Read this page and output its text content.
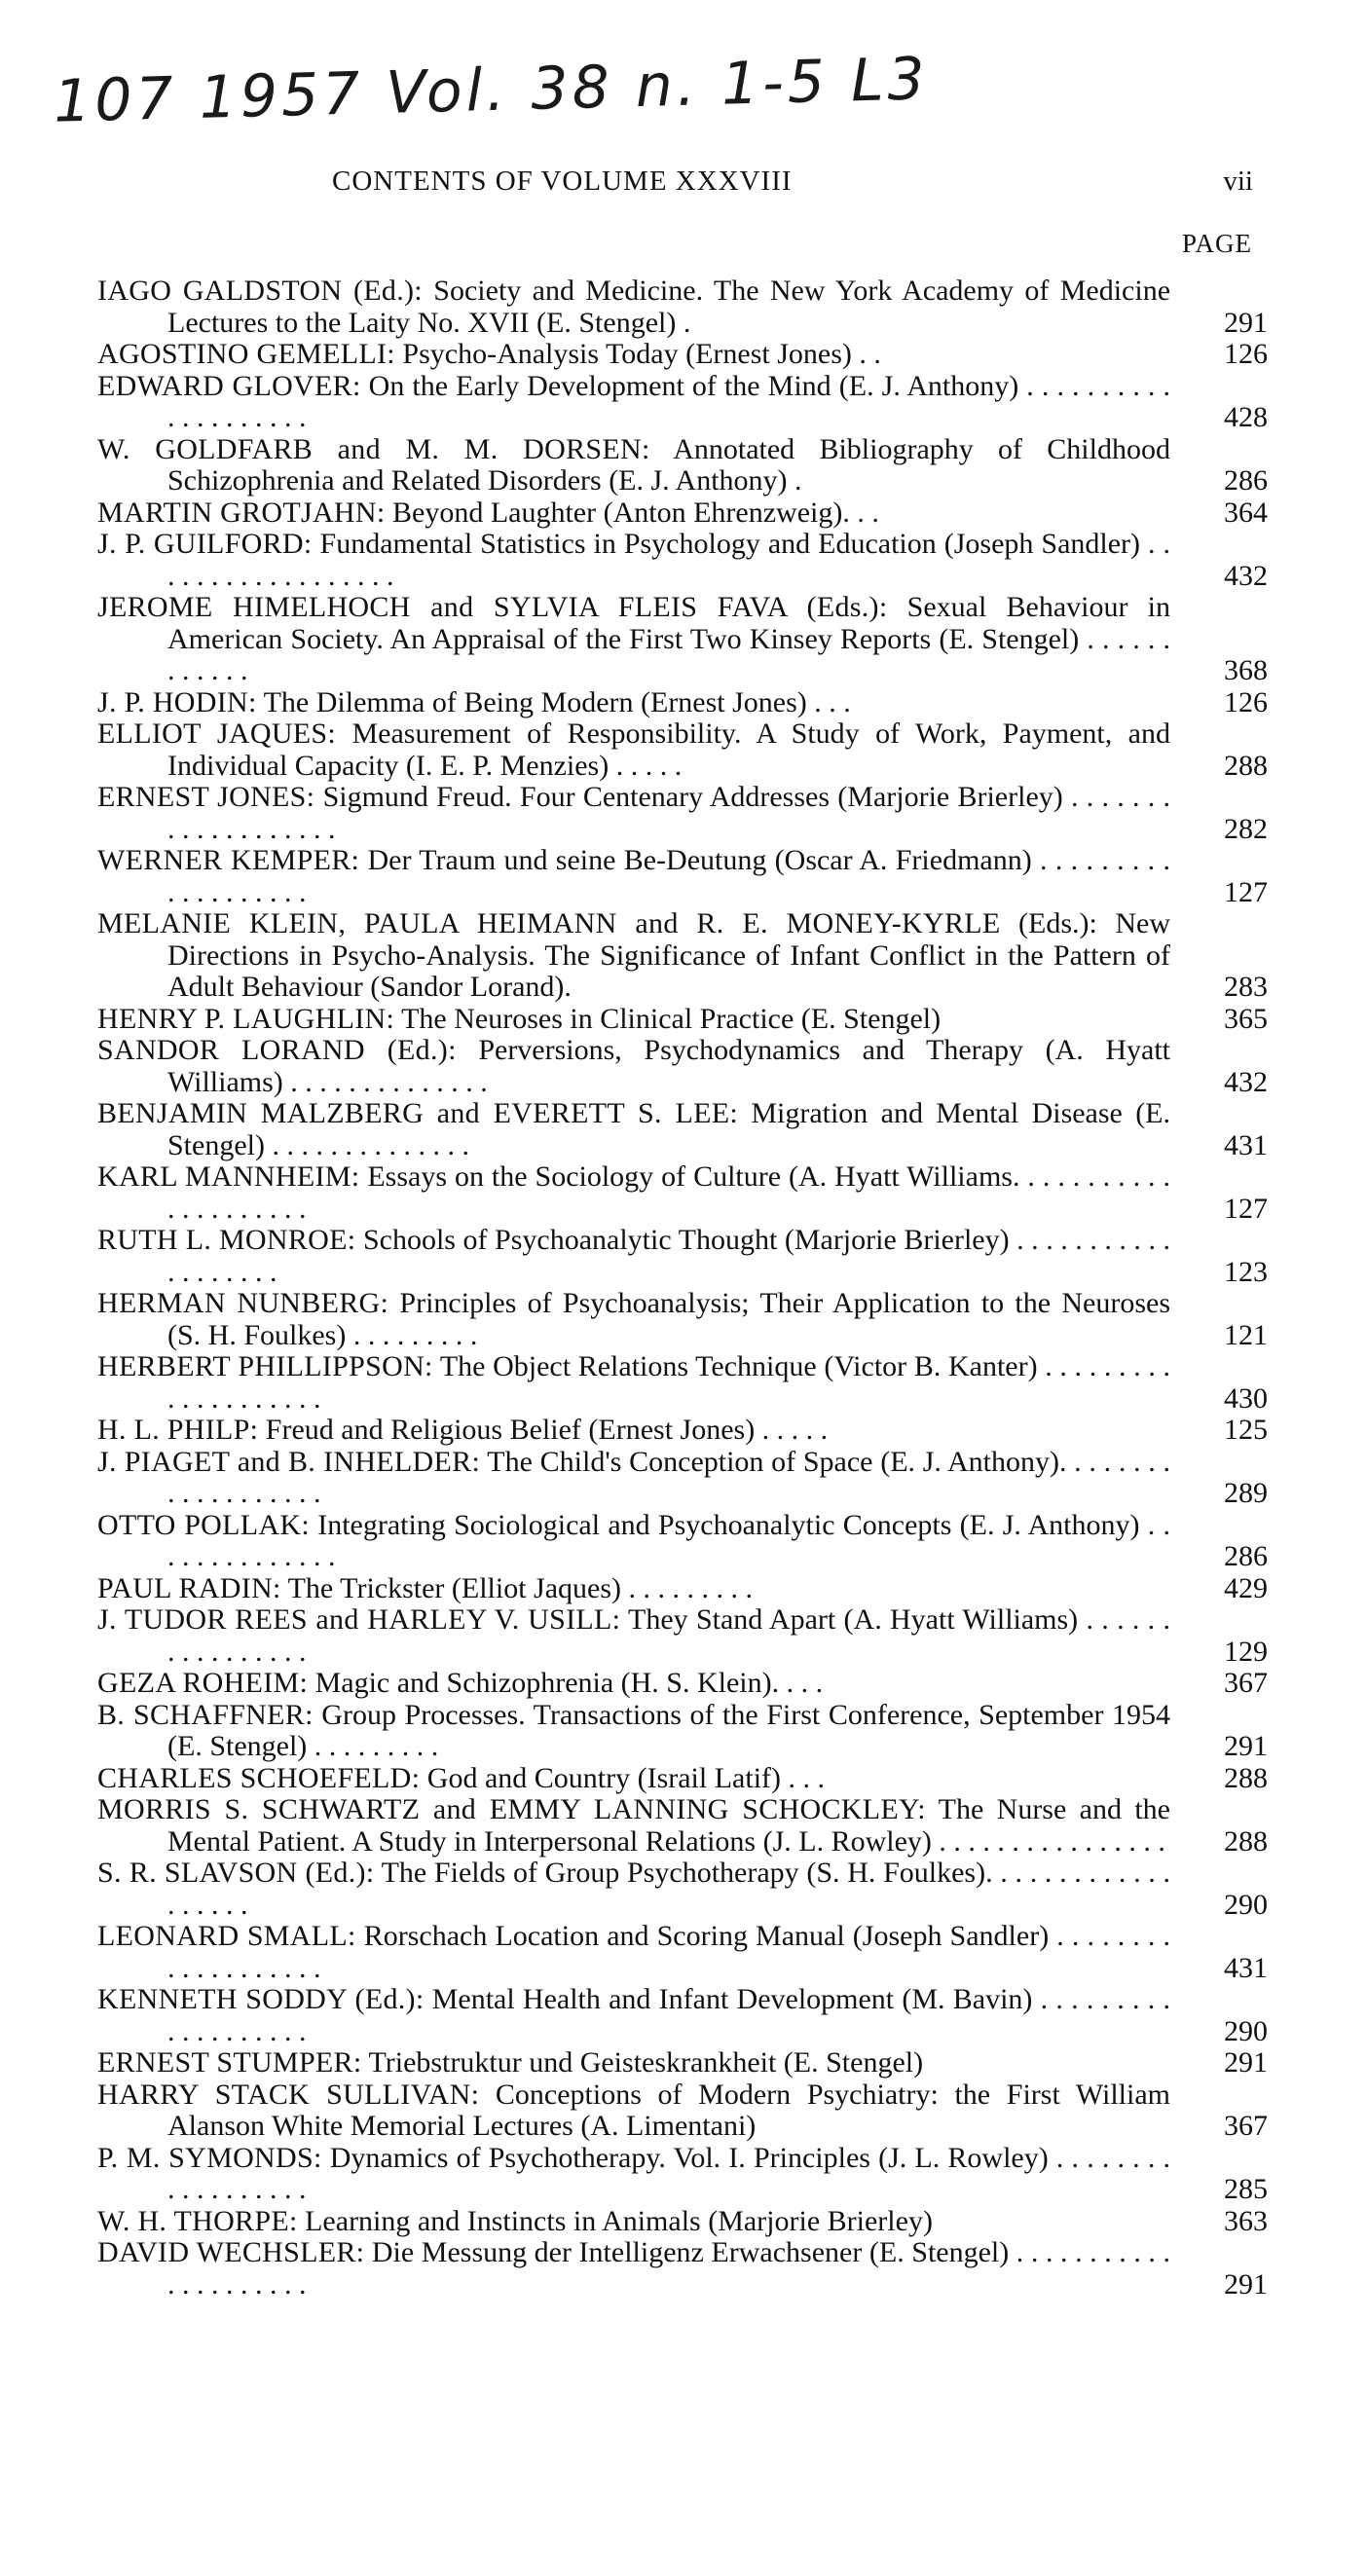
107 1957 Vol. 38 n. 1-5 L3
CONTENTS OF VOLUME XXXVIII	vii
PAGE
IAGO GALDSTON (Ed.): Society and Medicine. The New York Academy of Medicine Lectures to the Laity No. XVII (E. Stengel) .	291
AGOSTINO GEMELLI: Psycho-Analysis Today (Ernest Jones) . .	126
EDWARD GLOVER: On the Early Development of the Mind (E. J. Anthony) . . . . . . . . . . . . . . . . . . . .	428
W. GOLDFARB and M. M. DORSEN: Annotated Bibliography of Childhood Schizophrenia and Related Disorders (E. J. Anthony) .	286
MARTIN GROTJAHN: Beyond Laughter (Anton Ehrenzweig). . .	364
J. P. GUILFORD: Fundamental Statistics in Psychology and Education (Joseph Sandler) . . . . . . . . . . . . . . . . . .	432
JEROME HIMELHOCH and SYLVIA FLEIS FAVA (Eds.): Sexual Behaviour in American Society. An Appraisal of the First Two Kinsey Reports (E. Stengel) . . . . . . . . . . . .	368
J. P. HODIN: The Dilemma of Being Modern (Ernest Jones) . . .	126
ELLIOT JAQUES: Measurement of Responsibility. A Study of Work, Payment, and Individual Capacity (I. E. P. Menzies) . . . . .	288
ERNEST JONES: Sigmund Freud. Four Centenary Addresses (Marjorie Brierley) . . . . . . . . . . . . . . . . . . .	282
WERNER KEMPER: Der Traum und seine Be-Deutung (Oscar A. Friedmann) . . . . . . . . . . . . . . . . . . .	127
MELANIE KLEIN, PAULA HEIMANN and R. E. MONEY-KYRLE (Eds.): New Directions in Psycho-Analysis. The Significance of Infant Conflict in the Pattern of Adult Behaviour (Sandor Lorand).	283
HENRY P. LAUGHLIN: The Neuroses in Clinical Practice (E. Stengel)	365
SANDOR LORAND (Ed.): Perversions, Psychodynamics and Therapy (A. Hyatt Williams) . . . . . . . . . . . . . .	432
BENJAMIN MALZBERG and EVERETT S. LEE: Migration and Mental Disease (E. Stengel) . . . . . . . . . . . . . .	431
KARL MANNHEIM: Essays on the Sociology of Culture (A. Hyatt Williams. . . . . . . . . . . . . . . . . . . . .	127
RUTH L. MONROE: Schools of Psychoanalytic Thought (Marjorie Brierley) . . . . . . . . . . . . . . . . . . .	123
HERMAN NUNBERG: Principles of Psychoanalysis; Their Application to the Neuroses (S. H. Foulkes) . . . . . . . . .	121
HERBERT PHILLIPPSON: The Object Relations Technique (Victor B. Kanter) . . . . . . . . . . . . . . . . . . . .	430
H. L. PHILP: Freud and Religious Belief (Ernest Jones) . . . . .	125
J. PIAGET and B. INHELDER: The Child's Conception of Space (E. J. Anthony). . . . . . . . . . . . . . . . . . .	289
OTTO POLLAK: Integrating Sociological and Psychoanalytic Concepts (E. J. Anthony) . . . . . . . . . . . . . .	286
PAUL RADIN: The Trickster (Elliot Jaques) . . . . . . . . .	429
J. TUDOR REES and HARLEY V. USILL: They Stand Apart (A. Hyatt Williams) . . . . . . . . . . . . . . . .	129
GEZA ROHEIM: Magic and Schizophrenia (H. S. Klein). . . .	367
B. SCHAFFNER: Group Processes. Transactions of the First Conference, September 1954 (E. Stengel) . . . . . . . . .	291
CHARLES SCHOEFELD: God and Country (Israil Latif) . . .	288
MORRIS S. SCHWARTZ and EMMY LANNING SCHOCKLEY: The Nurse and the Mental Patient. A Study in Interpersonal Relations (J. L. Rowley) . . . . . . . . . . . . . . . .	288
S. R. SLAVSON (Ed.): The Fields of Group Psychotherapy (S. H. Foulkes). . . . . . . . . . . . . . . . . . .	290
LEONARD SMALL: Rorschach Location and Scoring Manual (Joseph Sandler) . . . . . . . . . . . . . . . . . . .	431
KENNETH SODDY (Ed.): Mental Health and Infant Development (M. Bavin) . . . . . . . . . . . . . . . . . . .	290
ERNEST STUMPER: Triebstruktur und Geisteskrankheit (E. Stengel)	291
HARRY STACK SULLIVAN: Conceptions of Modern Psychiatry: the First William Alanson White Memorial Lectures (A. Limentani)	367
P. M. SYMONDS: Dynamics of Psychotherapy. Vol. I. Principles (J. L. Rowley) . . . . . . . . . . . . . . . . . .	285
W. H. THORPE: Learning and Instincts in Animals (Marjorie Brierley)	363
DAVID WECHSLER: Die Messung der Intelligenz Erwachsener (E. Stengel) . . . . . . . . . . . . . . . . . . . . .	291
